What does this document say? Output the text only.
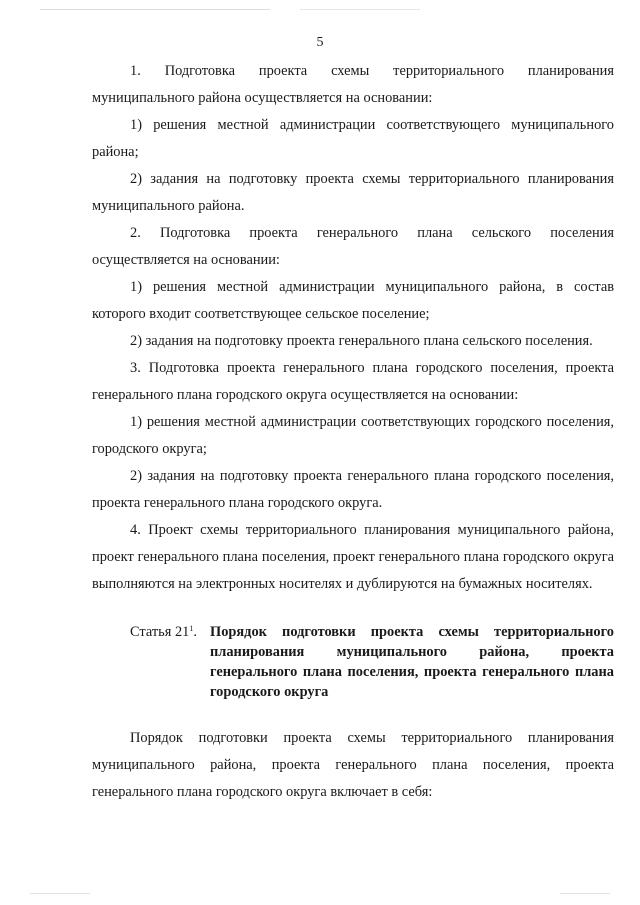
5

1. Подготовка проекта схемы территориального планирования муниципального района осуществляется на основании:

1) решения местной администрации соответствующего муниципального района;

2) задания на подготовку проекта схемы территориального планирования муниципального района.

2. Подготовка проекта генерального плана сельского поселения осуществляется на основании:

1) решения местной администрации муниципального района, в состав которого входит соответствующее сельское поселение;

2) задания на подготовку проекта генерального плана сельского поселения.

3. Подготовка проекта генерального плана городского поселения, проекта генерального плана городского округа осуществляется на основании:

1) решения местной администрации соответствующих городского поселения, городского округа;

2) задания на подготовку проекта генерального плана городского поселения, проекта генерального плана городского округа.

4. Проект схемы территориального планирования муниципального района, проект генерального плана поселения, проект генерального плана городского округа выполняются на электронных носителях и дублируются на бумажных носителях.

Статья $21^1$. Порядок подготовки проекта схемы территориального планирования муниципального района, проекта генерального плана поселения, проекта генерального плана городского округа

Порядок подготовки проекта схемы территориального планирования муниципального района, проекта генерального плана поселения, проекта генерального плана городского округа включает в себя:
